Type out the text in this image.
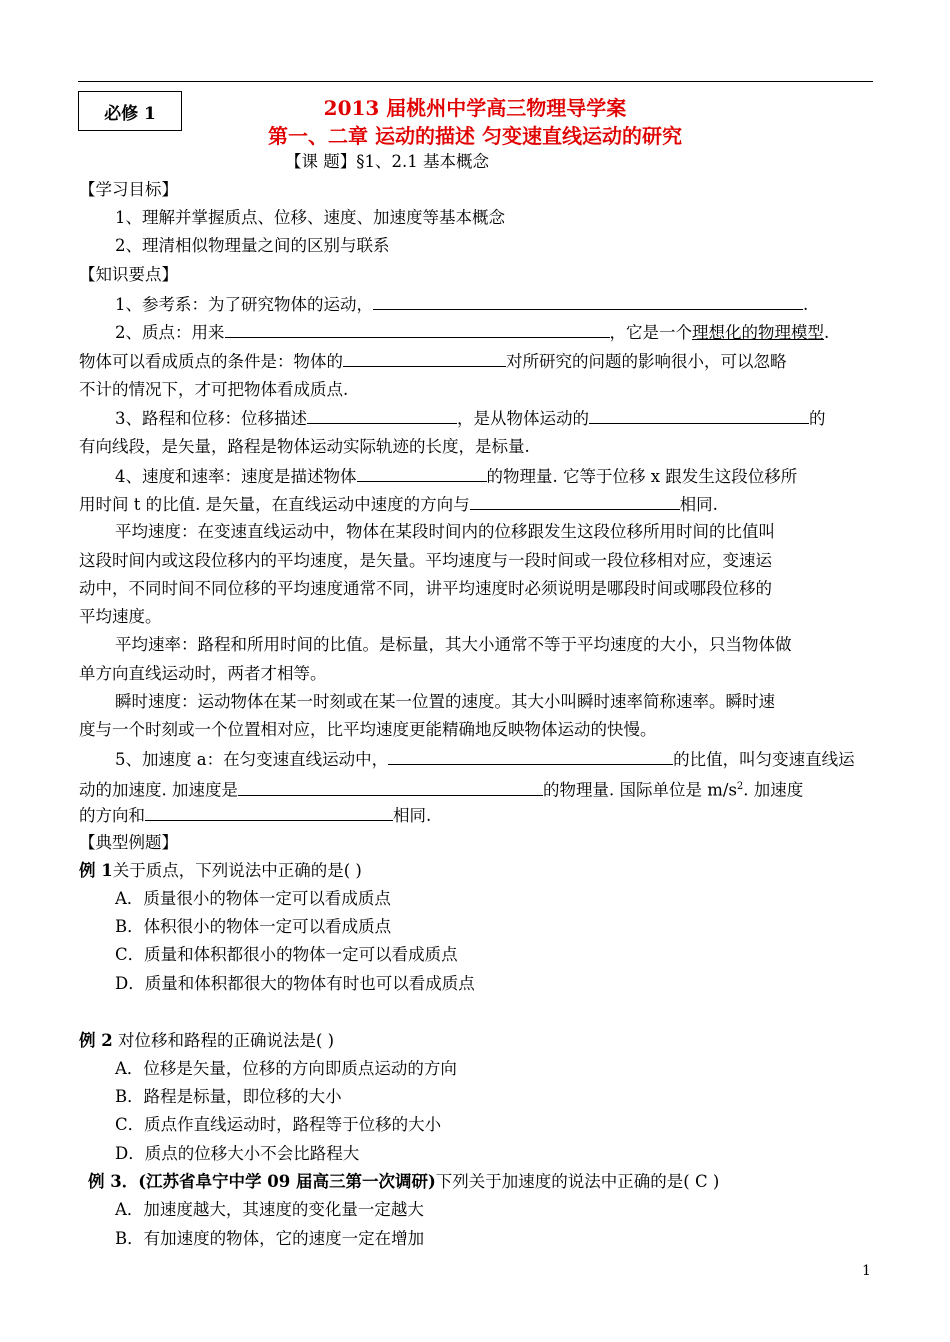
必修 1	2013 届桃州中学高三物理导学案
第一、二章 运动的描述 匀变速直线运动的研究
【课 题】§1、2.1 基本概念
【学习目标】
1、理解并掌握质点、位移、速度、加速度等基本概念
2、理清相似物理量之间的区别与联系
【知识要点】
1、参考系：为了研究物体的运动，	.
2、质点：用来	，它是一个理想化的物理模型.
物体可以看成质点的条件是：物体的	对所研究的问题的影响很小，可以忽略
不计的情况下，才可把物体看成质点.
3、路程和位移：位移描述	，是从物体运动的	的
有向线段，是矢量，路程是物体运动实际轨迹的长度，是标量.
4、速度和速率：速度是描述物体	的物理量. 它等于位移 x 跟发生这段位移所
用时间 t 的比值. 是矢量，在直线运动中速度的方向与	相同.
平均速度：在变速直线运动中，物体在某段时间内的位移跟发生这段位移所用时间的比值叫
这段时间内或这段位移内的平均速度，是矢量。平均速度与一段时间或一段位移相对应，变速运
动中，不同时间不同位移的平均速度通常不同，讲平均速度时必须说明是哪段时间或哪段位移的
平均速度。
平均速率：路程和所用时间的比值。是标量，其大小通常不等于平均速度的大小，只当物体做
单方向直线运动时，两者才相等。
瞬时速度：运动物体在某一时刻或在某一位置的速度。其大小叫瞬时速率简称速率。瞬时速
度与一个时刻或一个位置相对应，比平均速度更能精确地反映物体运动的快慢。
5、加速度 a：在匀变速直线运动中，	的比值，叫匀变速直线运
动的加速度. 加速度是	的物理量. 国际单位是 $m/s^2$. 加速度
的方向和	相同.
【典型例题】
例 1关于质点，下列说法中正确的是( )
A．质量很小的物体一定可以看成质点
B．体积很小的物体一定可以看成质点
C．质量和体积都很小的物体一定可以看成质点
D．质量和体积都很大的物体有时也可以看成质点
例 2 对位移和路程的正确说法是( )
A．位移是矢量，位移的方向即质点运动的方向
B．路程是标量，即位移的大小
C．质点作直线运动时，路程等于位移的大小
D．质点的位移大小不会比路程大
例 3．(江苏省阜宁中学 09 届高三第一次调研)下列关于加速度的说法中正确的是( C )
A．加速度越大，其速度的变化量一定越大
B．有加速度的物体，它的速度一定在增加
1
